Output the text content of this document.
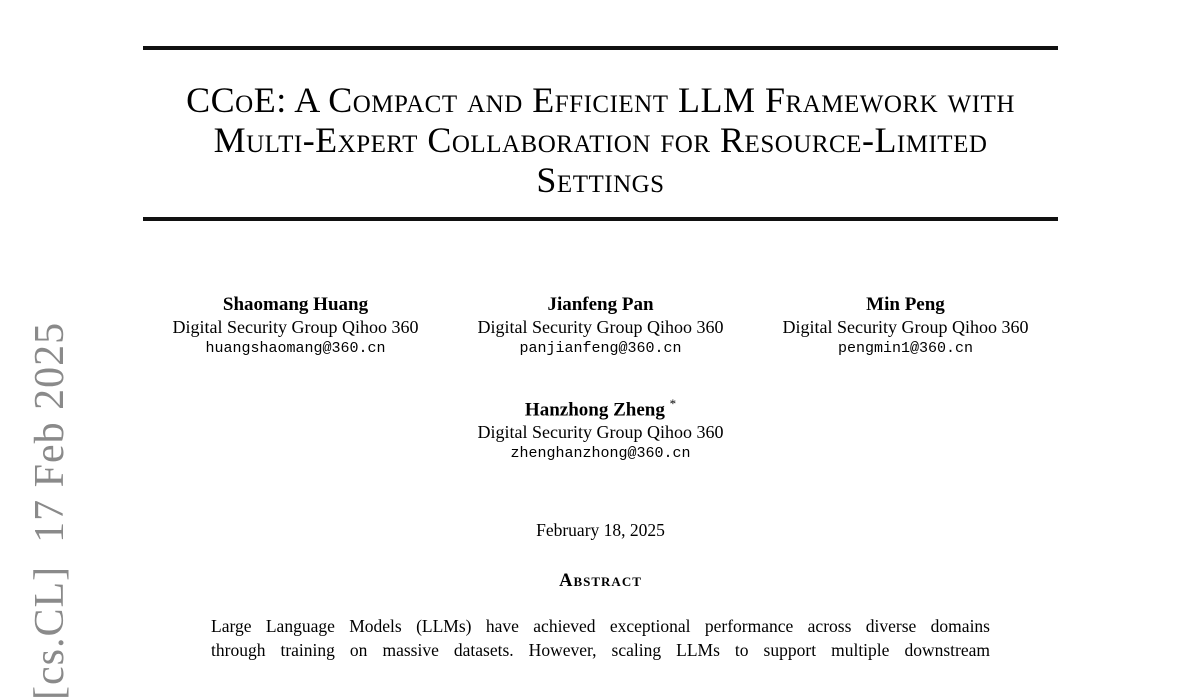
[cs.CL]  17 Feb 2025
CCoE: A Compact and Efficient LLM Framework with
Multi-Expert Collaboration for Resource-Limited
Settings
Shaomang Huang
Digital Security Group Qihoo 360
huangshaomang@360.cn
Jianfeng Pan
Digital Security Group Qihoo 360
panjianfeng@360.cn
Min Peng
Digital Security Group Qihoo 360
pengmin1@360.cn
Hanzhong Zheng *
Digital Security Group Qihoo 360
zhenghanzhong@360.cn
February 18, 2025
Abstract
Large Language Models (LLMs) have achieved exceptional performance across diverse domains
through training on massive datasets. However, scaling LLMs to support multiple downstream
